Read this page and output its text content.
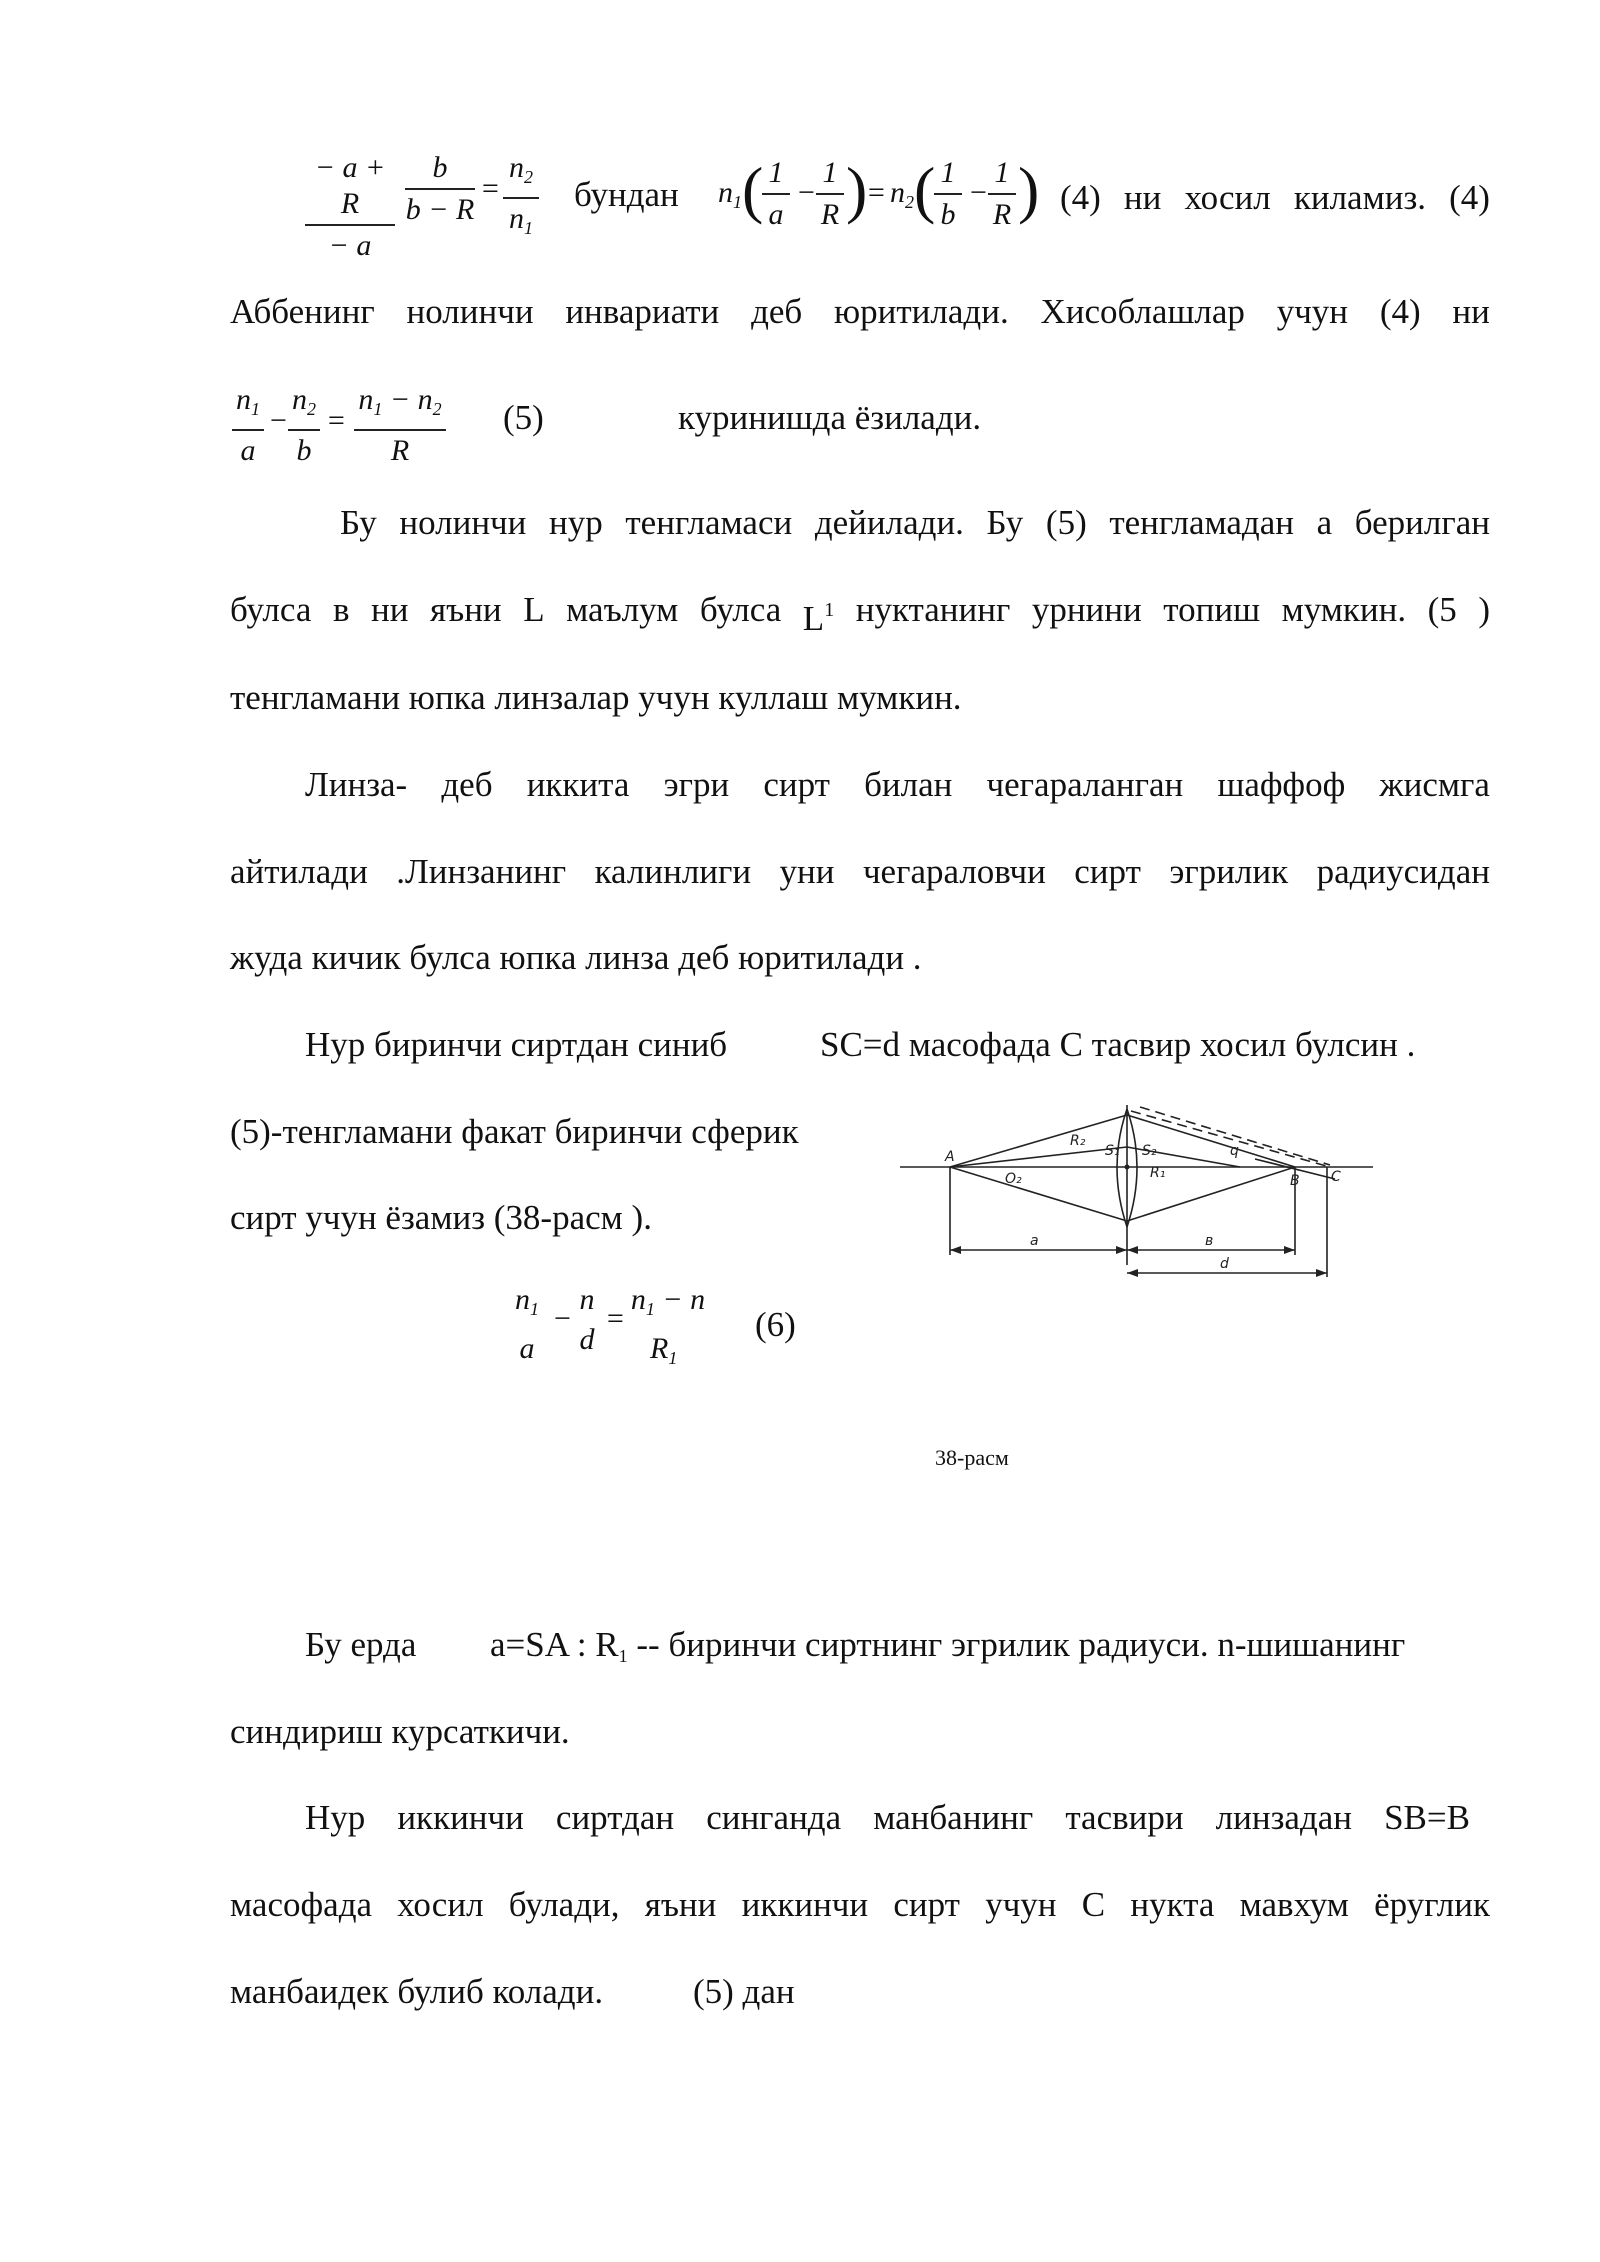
− a + R
− a
b
b − R
=
$n_2$
$n_1$
бундан $n_1$ ( 1
a
−
1
R )
= $n_2$ ( 1
b
−
1
R ) (4) ни хосил киламиз. (4)
Аббенинг нолинчи инвариати деб юритилади. Хисоблашлар учун (4) ни
$n_1$
a
−
$n_2$
b
=
$n_1 - n_2$
R
(5)	куринишда ёзилади.
Бу нолинчи нур тенгламаси дейилади. Бу (5) тенгламадан а берилган
булса в ни яъни L маълум булса $L^1$ нуктанинг урнини топиш мумкин. (5 )
тенгламани юпка линзалар учун куллаш мумкин.
Линза- деб иккита эгри сирт билан чегараланган шаффоф жисмга
айтилади .Линзанинг калинлиги уни чегараловчи сирт эгрилик радиусидан
жуда кичик булса юпка линза деб юритилади .
Нур биринчи сиртдан синиб	SC=d масофада C тасвир хосил булсин .
(5)-тенгламани факат биринчи сферик
сирт учун ёзамиз (38-расм ).
A
R₂
S₁ S₂	q
O₂	R₁	B C
a	в
d
$n_1$
a
−
n
d
=
$n_1 - n$
$R_1$
(6)
38-расм
Бу ерда a=SA : $R_1$ -- биринчи сиртнинг эгрилик радиуси. n-шишанинг
синдириш курсаткичи.
Нур иккинчи сиртдан синганда манбанинг тасвири линзадан SB=B
масофада хосил булади, яъни иккинчи сирт учун С нукта мавхум ёруглик
манбаидек булиб колади.	(5) дан
